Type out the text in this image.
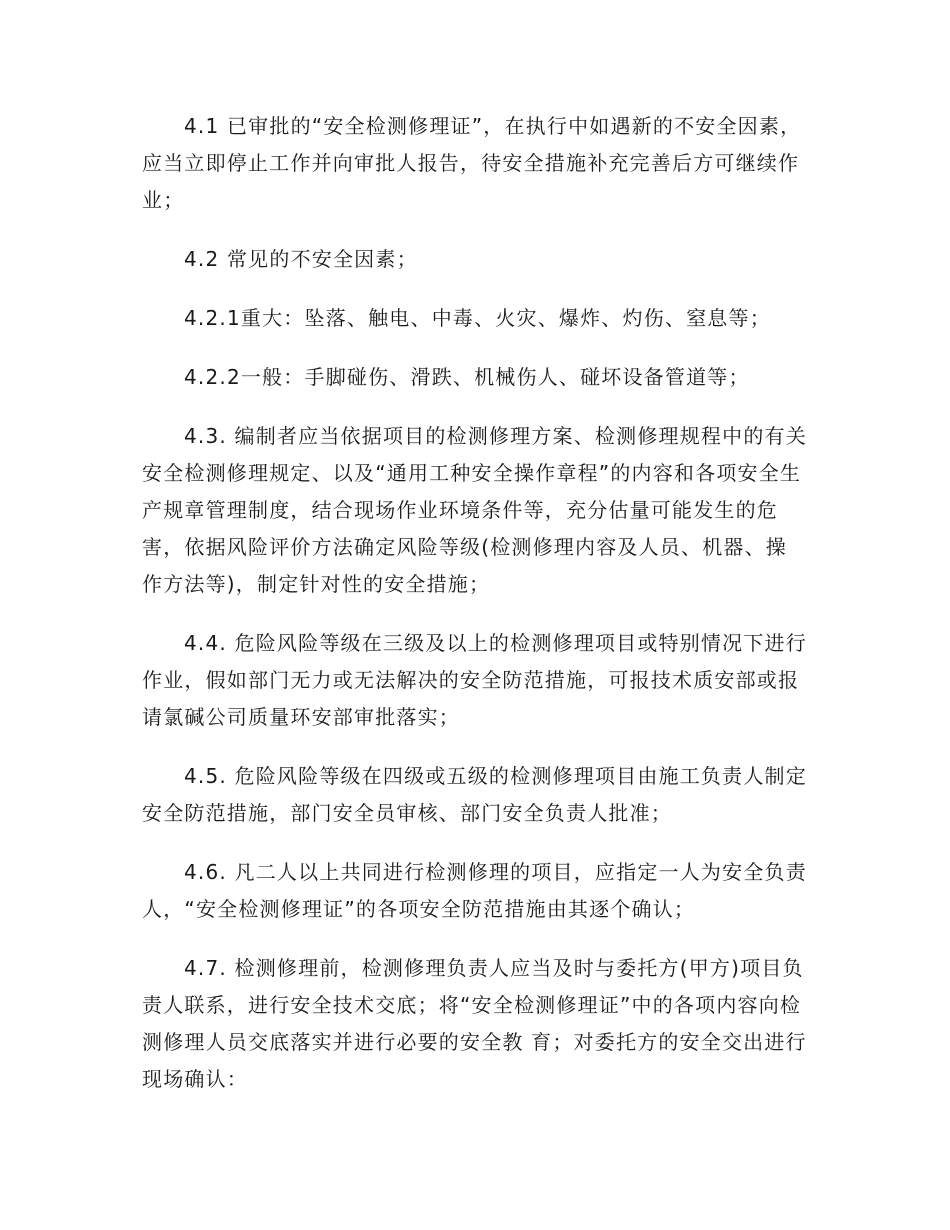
4.1 已审批的“安全检测修理证”，在执行中如遇新的不安全因素，应当立即停止工作并向审批人报告，待安全措施补充完善后方可继续作业；

4.2 常见的不安全因素；

4.2.1重大：坠落、触电、中毒、火灾、爆炸、灼伤、窒息等；

4.2.2一般：手脚碰伤、滑跌、机械伤人、碰坏设备管道等；

4.3. 编制者应当依据项目的检测修理方案、检测修理规程中的有关安全检测修理规定、以及“通用工种安全操作章程”的内容和各项安全生产规章管理制度，结合现场作业环境条件等，充分估量可能发生的危害，依据风险评价方法确定风险等级(检测修理内容及人员、机器、操作方法等)，制定针对性的安全措施；

4.4. 危险风险等级在三级及以上的检测修理项目或特别情况下进行作业，假如部门无力或无法解决的安全防范措施，可报技术质安部或报请氯碱公司质量环安部审批落实；

4.5. 危险风险等级在四级或五级的检测修理项目由施工负责人制定安全防范措施，部门安全员审核、部门安全负责人批准；

4.6. 凡二人以上共同进行检测修理的项目，应指定一人为安全负责人，“安全检测修理证”的各项安全防范措施由其逐个确认；

4.7. 检测修理前，检测修理负责人应当及时与委托方(甲方)项目负责人联系，进行安全技术交底；将“安全检测修理证”中的各项内容向检测修理人员交底落实并进行必要的安全教 育；对委托方的安全交出进行现场确认：
